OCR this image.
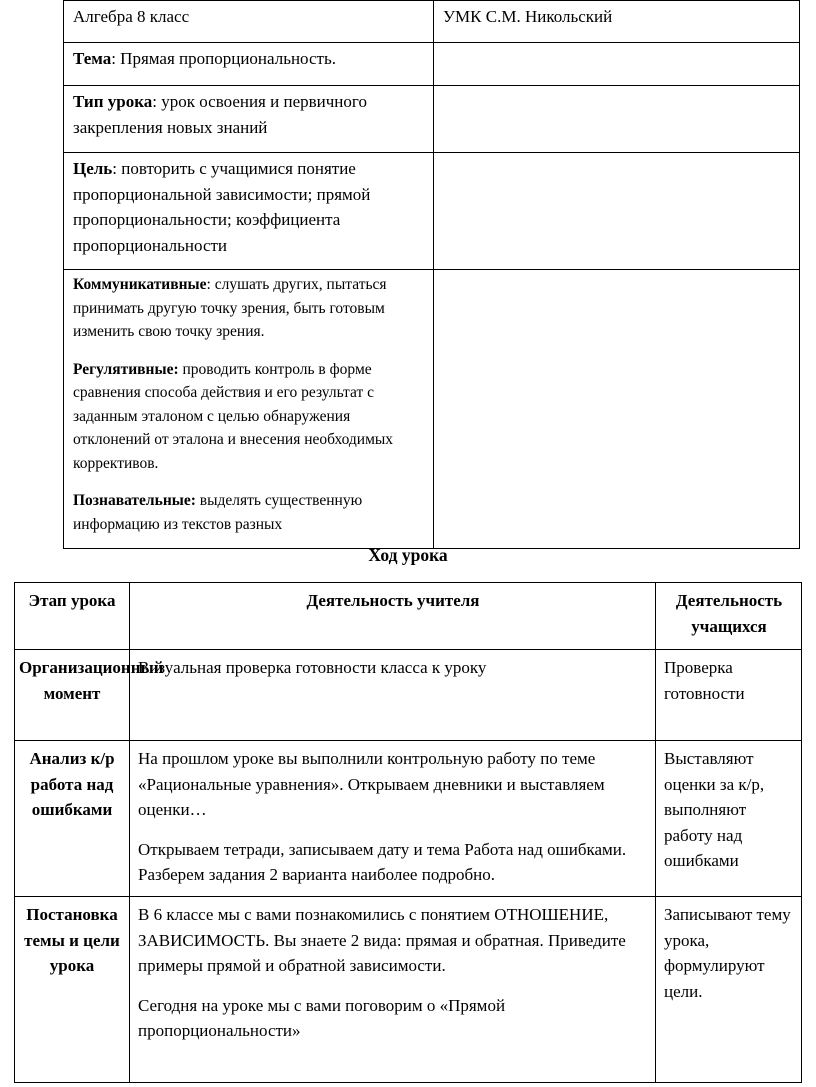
Алгебра 8 класс	УМК С.М. Никольский
Тема: Прямая пропорциональность.	
Тип урока: урок освоения и первичного закрепления новых знаний	
Цель: повторить с учащимися понятие пропорциональной зависимости; прямой пропорциональности; коэффициента пропорциональности	

Коммуникативные: слушать других, пытаться принимать другую точку зрения, быть готовым изменить свою точку зрения.

Регулятивные: проводить контроль в форме сравнения способа действия и его результат с заданным эталоном с целью обнаружения отклонений от эталона и внесения необходимых коррективов.

Познавательные: выделять существенную информацию из текстов разных	

Ход урока
Этап урока	Деятельность учителя	Деятельность учащихся
Организационный момент	Визуальная проверка готовности класса к уроку	Проверка готовности
Анализ к/р работа над ошибками	На прошлом уроке вы выполнили контрольную работу по теме «Рациональные уравнения». Открываем дневники и выставляем оценки…

Открываем тетради, записываем дату и тема Работа над ошибками. Разберем задания 2 варианта наиболее подробно.	Выставляют оценки за к/р, выполняют работу над ошибками
Постановка темы и цели урока	В 6 классе мы с вами познакомились с понятием ОТНОШЕНИЕ, ЗАВИСИМОСТЬ. Вы знаете 2 вида: прямая и обратная. Приведите примеры прямой и обратной зависимости.

Сегодня на уроке мы с вами поговорим о «Прямой пропорциональности»	Записывают тему урока, формулируют цели.
